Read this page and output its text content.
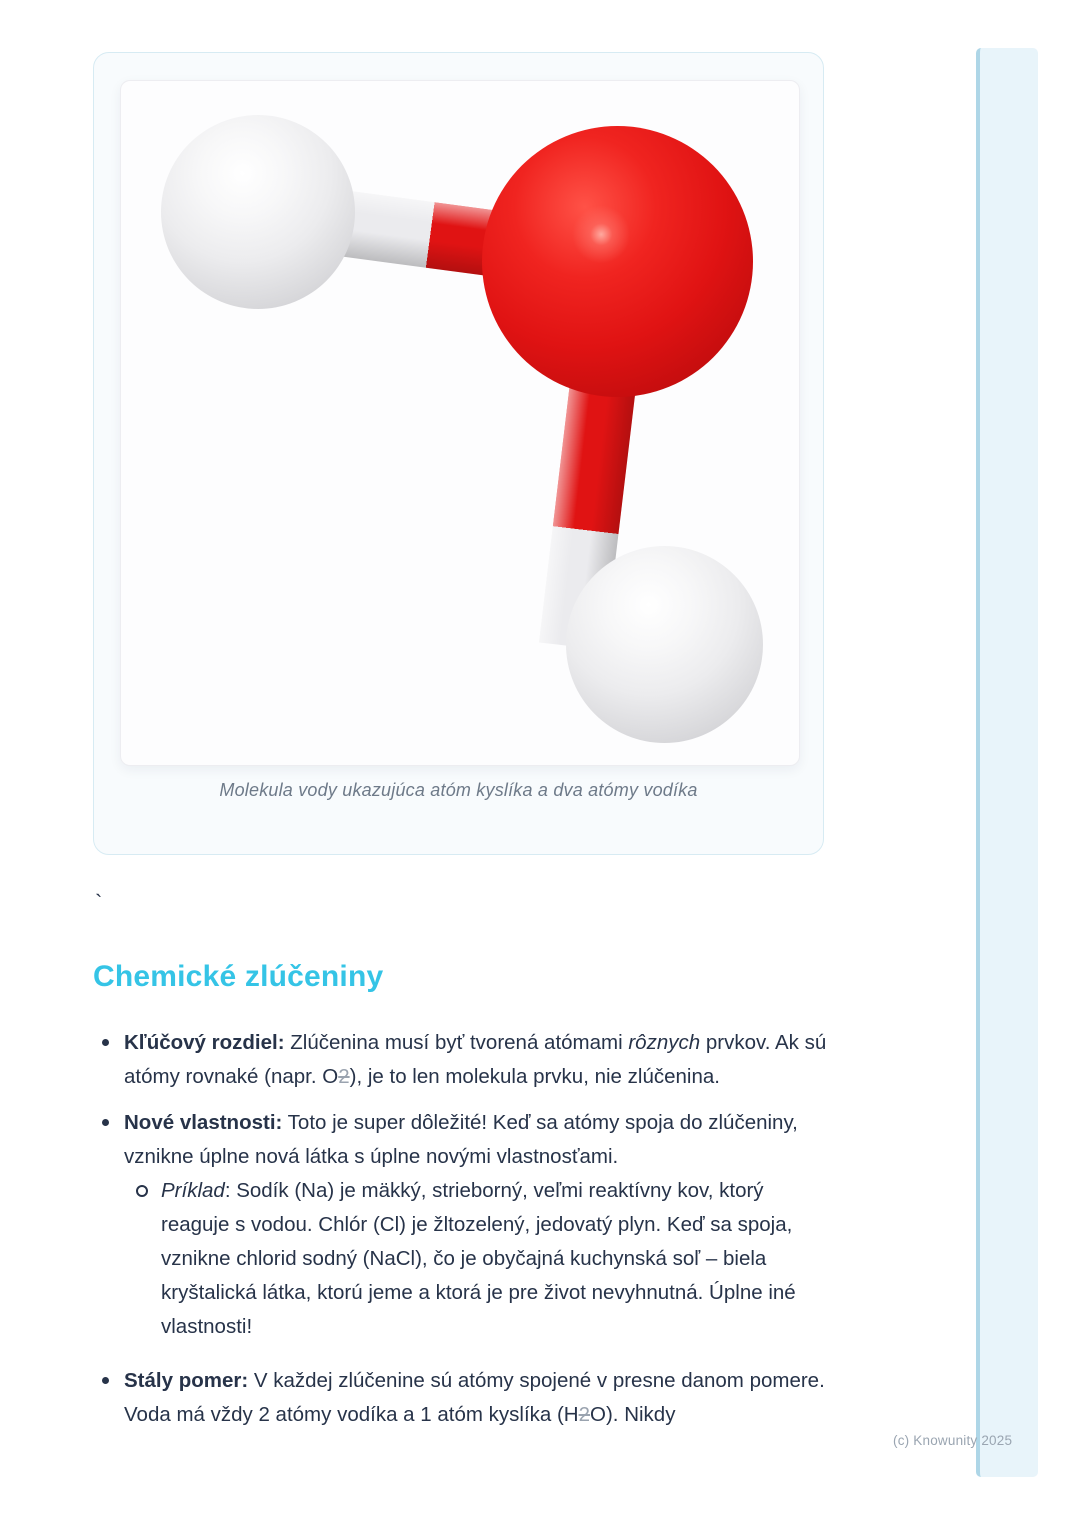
Molekula vody ukazujúca atóm kyslíka a dva atómy vodíka

`
Chemické zlúčeniny
Kľúčový rozdiel: Zlúčenina musí byť tvorená atómami rôznych prvkov. Ak sú atómy rovnaké (napr. O2), je to len molekula prvku, nie zlúčenina.
Nové vlastnosti: Toto je super dôležité! Keď sa atómy spoja do zlúčeniny, vznikne úplne nová látka s úplne novými vlastnosťami.
Príklad: Sodík (Na) je mäkký, strieborný, veľmi reaktívny kov, ktorý reaguje s vodou. Chlór (Cl) je žltozelený, jedovatý plyn. Keď sa spoja, vznikne chlorid sodný (NaCl), čo je obyčajná kuchynská soľ – biela kryštalická látka, ktorú jeme a ktorá je pre život nevyhnutná. Úplne iné vlastnosti!
Stály pomer: V každej zlúčenine sú atómy spojené v presne danom pomere. Voda má vždy 2 atómy vodíka a 1 atóm kyslíka (H2O). Nikdy
(c) Knowunity 2025
